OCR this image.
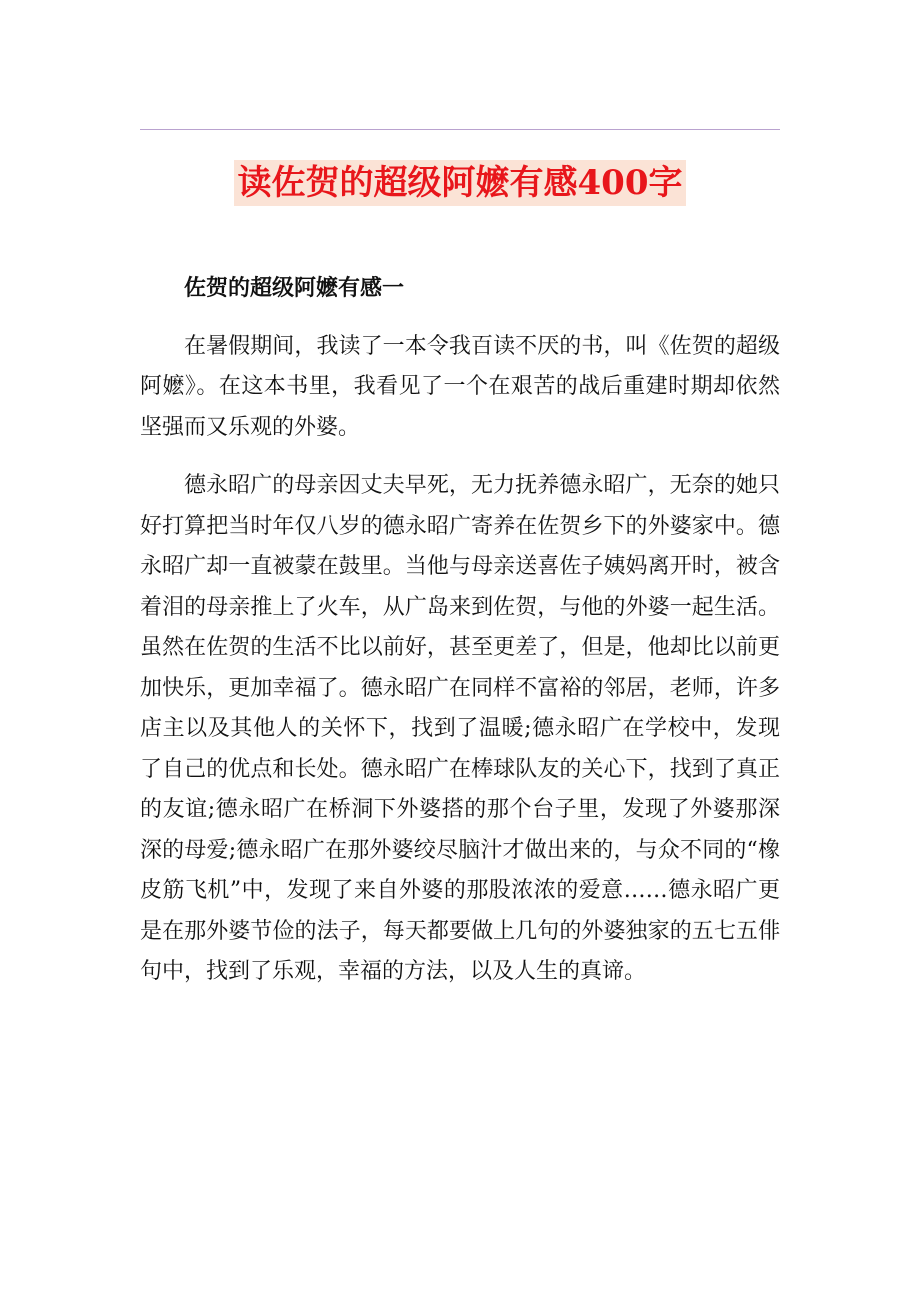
读佐贺的超级阿嬷有感400字

佐贺的超级阿嬷有感一

在暑假期间，我读了一本令我百读不厌的书，叫《佐贺的超级阿嬷》。在这本书里，我看见了一个在艰苦的战后重建时期却依然坚强而又乐观的外婆。

德永昭广的母亲因丈夫早死，无力抚养德永昭广，无奈的她只好打算把当时年仅八岁的德永昭广寄养在佐贺乡下的外婆家中。德永昭广却一直被蒙在鼓里。当他与母亲送喜佐子姨妈离开时，被含着泪的母亲推上了火车，从广岛来到佐贺，与他的外婆一起生活。虽然在佐贺的生活不比以前好，甚至更差了，但是，他却比以前更加快乐，更加幸福了。德永昭广在同样不富裕的邻居，老师，许多店主以及其他人的关怀下，找到了温暖;德永昭广在学校中，发现了自己的优点和长处。德永昭广在棒球队友的关心下，找到了真正的友谊;德永昭广在桥洞下外婆搭的那个台子里，发现了外婆那深深的母爱;德永昭广在那外婆绞尽脑汁才做出来的，与众不同的“橡皮筋飞机”中，发现了来自外婆的那股浓浓的爱意……德永昭广更是在那外婆节俭的法子，每天都要做上几句的外婆独家的五七五俳句中，找到了乐观，幸福的方法，以及人生的真谛。
